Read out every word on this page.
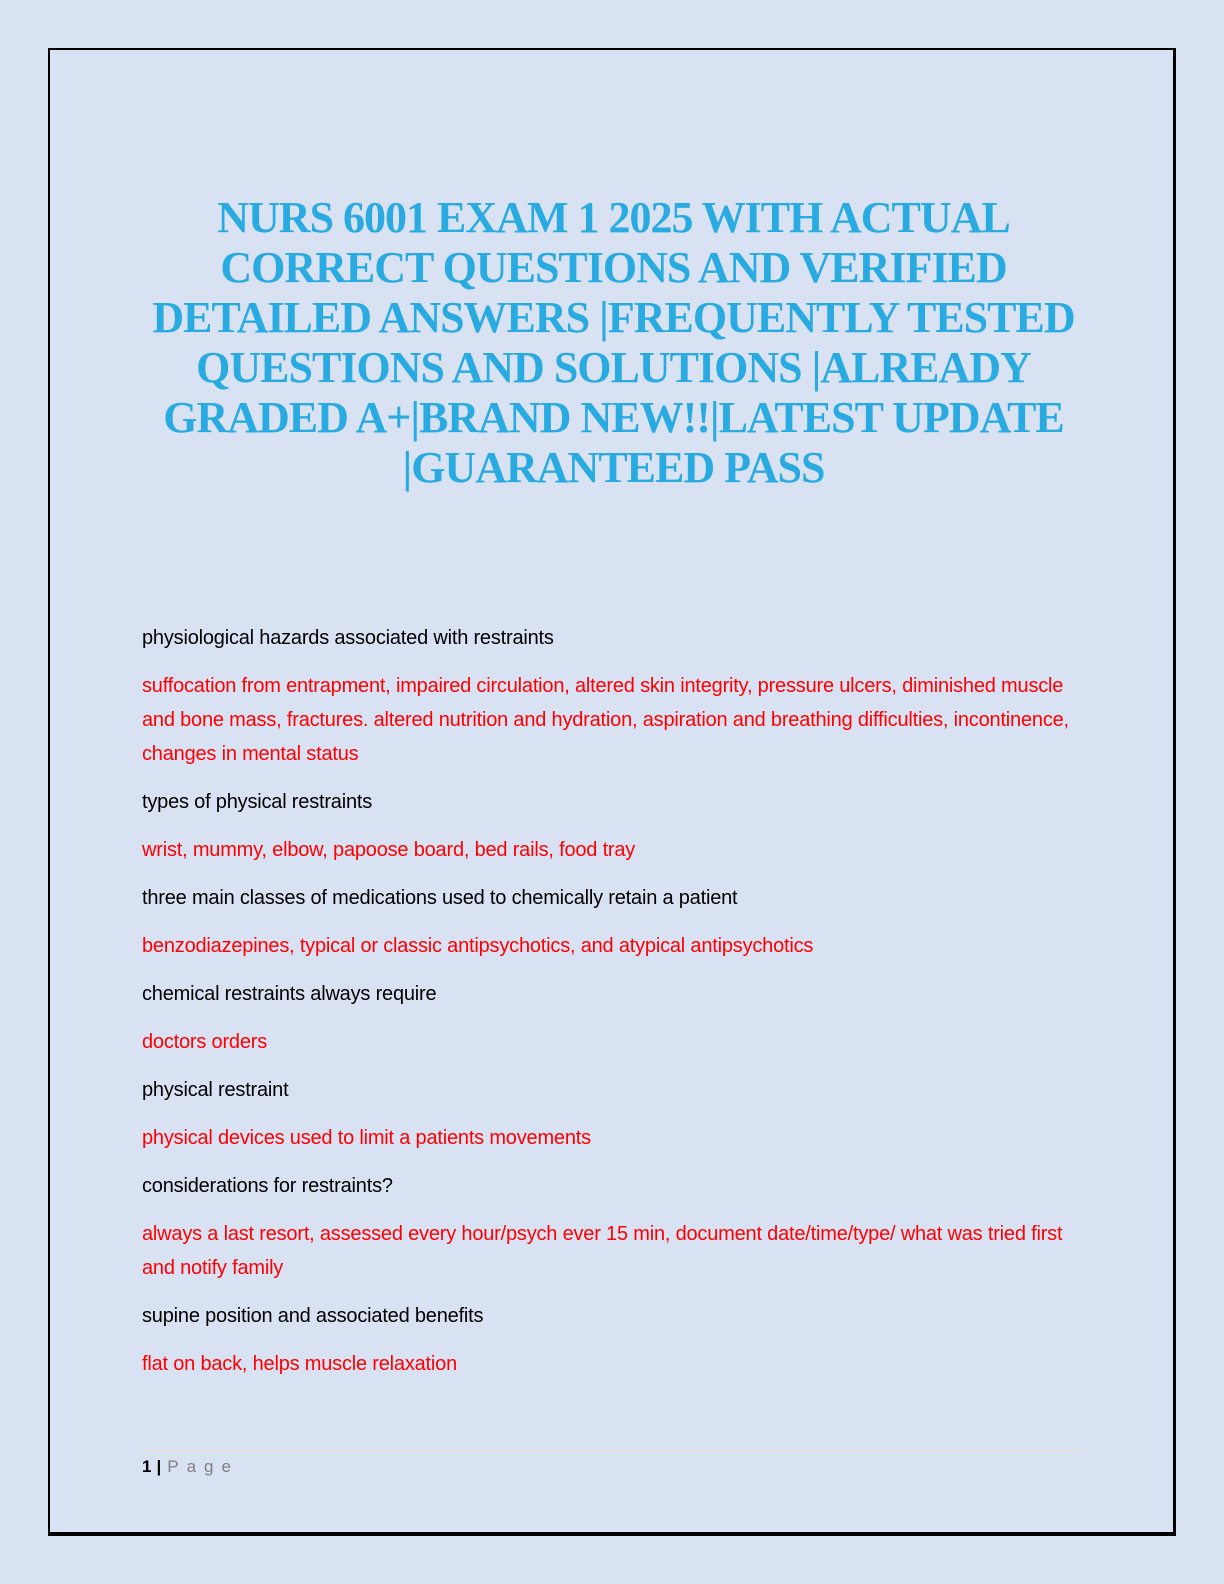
NURS 6001 EXAM 1 2025 WITH ACTUAL
CORRECT QUESTIONS AND VERIFIED
DETAILED ANSWERS |FREQUENTLY TESTED
QUESTIONS AND SOLUTIONS |ALREADY
GRADED A+|BRAND NEW!!|LATEST UPDATE
|GUARANTEED PASS

physiological hazards associated with restraints

suffocation from entrapment, impaired circulation, altered skin integrity, pressure ulcers, diminished muscle and bone mass, fractures. altered nutrition and hydration, aspiration and breathing difficulties, incontinence, changes in mental status

types of physical restraints

wrist, mummy, elbow, papoose board, bed rails, food tray

three main classes of medications used to chemically retain a patient

benzodiazepines, typical or classic antipsychotics, and atypical antipsychotics

chemical restraints always require

doctors orders

physical restraint

physical devices used to limit a patients movements

considerations for restraints?

always a last resort, assessed every hour/psych ever 15 min, document date/time/type/ what was tried first and notify family

supine position and associated benefits

flat on back, helps muscle relaxation

1 | Page
